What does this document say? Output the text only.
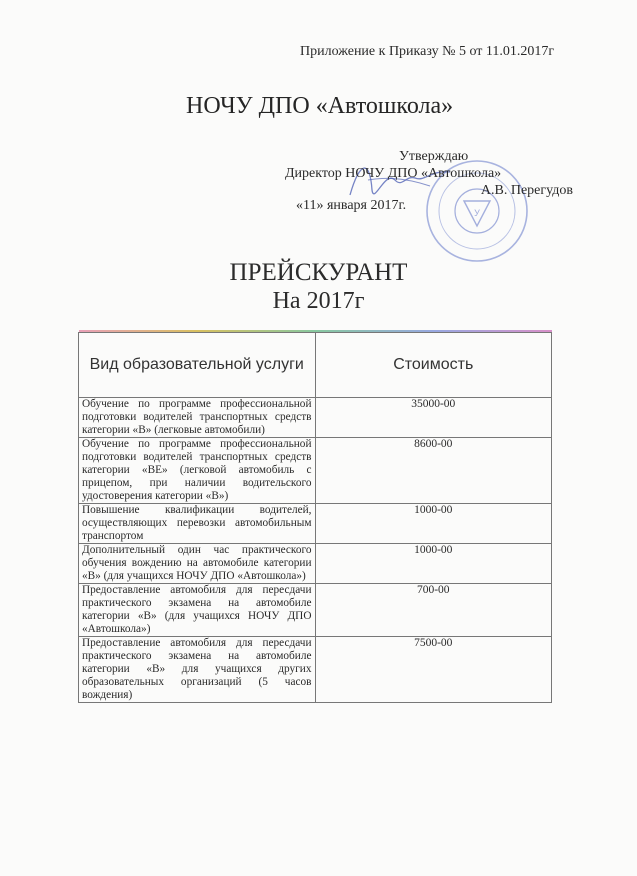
Приложение к Приказу № 5 от 11.01.2017г
НОЧУ ДПО «Автошкола»
У
Утверждаю
Директор НОЧУ ДПО «Автошкола»
А.В. Перегудов
«11» января 2017г.
ПРЕЙСКУРАНТ
На 2017г

Вид образовательной услуги	Стоимость
Обучение по программе профессиональной подготовки водителей транспортных средств категории «В» (легковые автомобили)	35000-00
Обучение по программе профессиональной подготовки водителей транспортных средств категории «ВЕ» (легковой автомобиль с прицепом, при наличии водительского удостоверения категории «В»)	8600-00
Повышение квалификации водителей, осуществляющих перевозки автомобильным транспортом	1000-00
Дополнительный один час практического обучения вождению на автомобиле категории «В» (для учащихся НОЧУ ДПО «Автошкола»)	1000-00
Предоставление автомобиля для пересдачи практического экзамена на автомобиле категории «В» (для учащихся НОЧУ ДПО «Автошкола»)	700-00
Предоставление автомобиля для пересдачи практического экзамена на автомобиле категории «В» для учащихся других образовательных организаций (5 часов вождения)	7500-00
